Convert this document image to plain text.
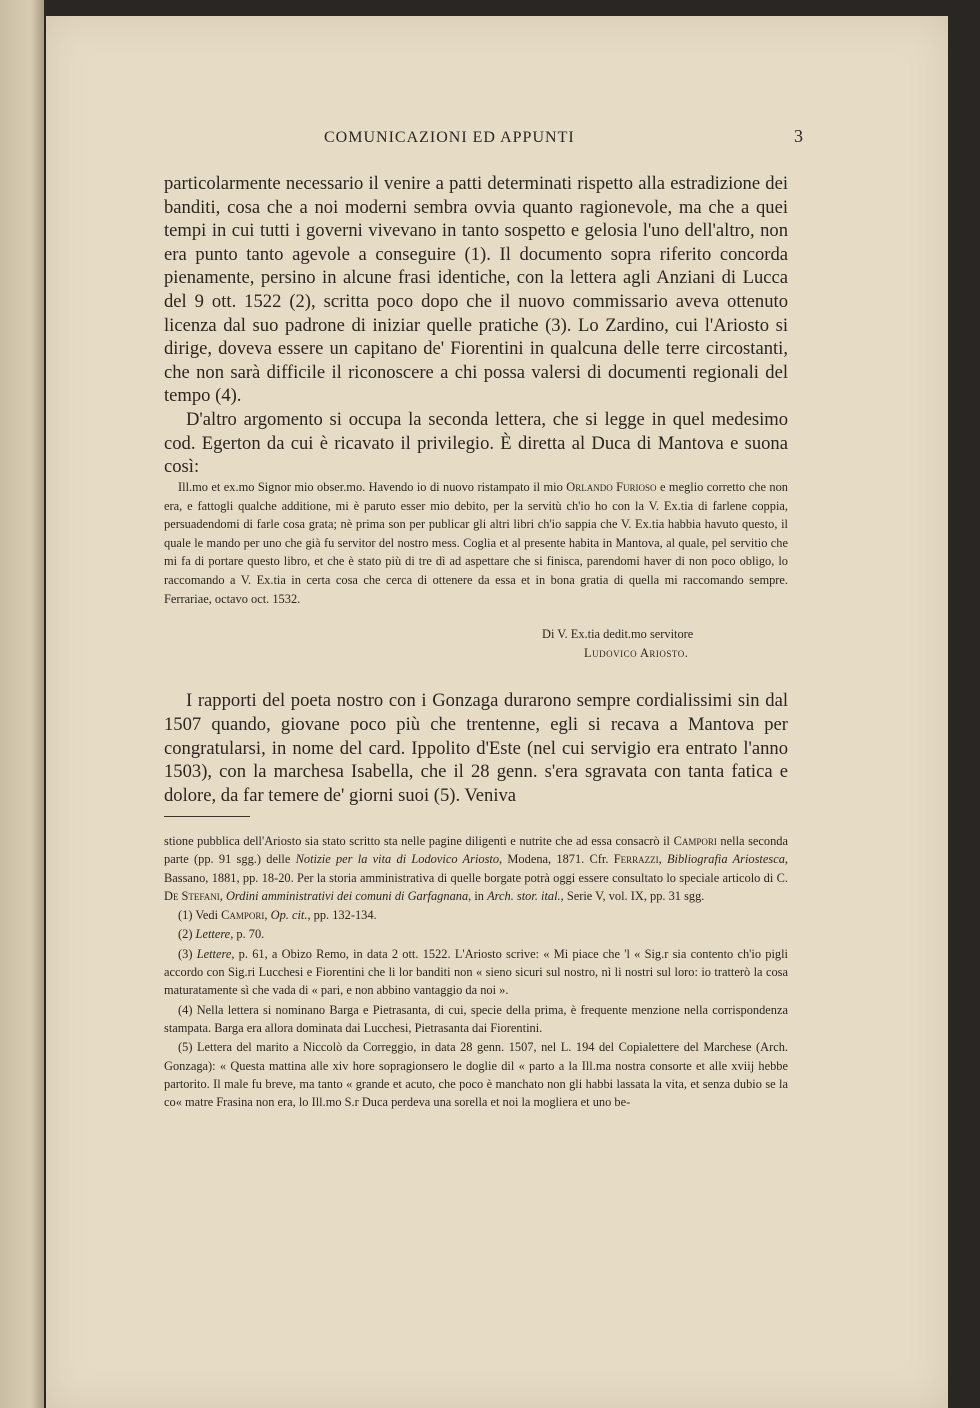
COMUNICAZIONI ED APPUNTI	3

particolarmente necessario il venire a patti determinati rispetto alla estradizione dei banditi, cosa che a noi moderni sembra ovvia quanto ragionevole, ma che a quei tempi in cui tutti i governi vivevano in tanto sospetto e gelosia l'uno dell'altro, non era punto tanto agevole a conseguire (1). Il documento sopra riferito concorda pienamente, persino in alcune frasi identiche, con la lettera agli Anziani di Lucca del 9 ott. 1522 (2), scritta poco dopo che il nuovo commissario aveva ottenuto licenza dal suo padrone di iniziar quelle pratiche (3). Lo Zardino, cui l'Ariosto si dirige, doveva essere un capitano de' Fiorentini in qualcuna delle terre circostanti, che non sarà difficile il riconoscere a chi possa valersi di documenti regionali del tempo (4).

D'altro argomento si occupa la seconda lettera, che si legge in quel medesimo cod. Egerton da cui è ricavato il privilegio. È diretta al Duca di Mantova e suona così:

Ill.mo et ex.mo Signor mio obser.mo. Havendo io di nuovo ristampato il mio Orlando Furioso e meglio corretto che non era, e fattogli qualche additione, mi è paruto esser mio debito, per la servitù ch'io ho con la V. Ex.tia di farlene coppia, persuadendomi di farle cosa grata; nè prima son per publicar gli altri libri ch'io sappia che V. Ex.tia habbia havuto questo, il quale le mando per uno che già fu servitor del nostro mess. Coglia et al presente habita in Mantova, al quale, pel servitio che mi fa di portare questo libro, et che è stato più di tre dì ad aspettare che si finisca, parendomi haver di non poco obligo, lo raccomando a V. Ex.tia in certa cosa che cerca di ottenere da essa et in bona gratia di quella mi raccomando sempre. Ferrariae, octavo oct. 1532.

Di V. Ex.tia dedit.mo servitore
Ludovico Ariosto.

I rapporti del poeta nostro con i Gonzaga durarono sempre cordialissimi sin dal 1507 quando, giovane poco più che trentenne, egli si recava a Mantova per congratularsi, in nome del card. Ippolito d'Este (nel cui servigio era entrato l'anno 1503), con la marchesa Isabella, che il 28 genn. s'era sgravata con tanta fatica e dolore, da far temere de' giorni suoi (5). Veniva

stione pubblica dell'Ariosto sia stato scritto sta nelle pagine diligenti e nutrite che ad essa consacrò il Campori nella seconda parte (pp. 91 sgg.) delle Notizie per la vita di Lodovico Ariosto, Modena, 1871. Cfr. Ferrazzi, Bibliografia Ariostesca, Bassano, 1881, pp. 18-20. Per la storia amministrativa di quelle borgate potrà oggi essere consultato lo speciale articolo di C. De Stefani, Ordini amministrativi dei comuni di Garfagnana, in Arch. stor. ital., Serie V, vol. IX, pp. 31 sgg.

(1) Vedi Campori, Op. cit., pp. 132-134.

(2) Lettere, p. 70.

(3) Lettere, p. 61, a Obizo Remo, in data 2 ott. 1522. L'Ariosto scrive: « Mi piace che 'l « Sig.r sia contento ch'io pigli accordo con Sig.ri Lucchesi e Fiorentini che li lor banditi non « sieno sicuri sul nostro, nì li nostri sul loro: io tratterò la cosa maturatamente sì che vada di « pari, e non abbino vantaggio da noi ».

(4) Nella lettera si nominano Barga e Pietrasanta, di cui, specie della prima, è frequente menzione nella corrispondenza stampata. Barga era allora dominata dai Lucchesi, Pietrasanta dai Fiorentini.

(5) Lettera del marito a Niccolò da Correggio, in data 28 genn. 1507, nel L. 194 del Copialettere del Marchese (Arch. Gonzaga): « Questa mattina alle xiv hore sopragionsero le doglie dil « parto a la Ill.ma nostra consorte et alle xviij hebbe partorito. Il male fu breve, ma tanto « grande et acuto, che poco è manchato non gli habbi lassata la vita, et senza dubio se la co« matre Frasina non era, lo Ill.mo S.r Duca perdeva una sorella et noi la mogliera et uno be-
